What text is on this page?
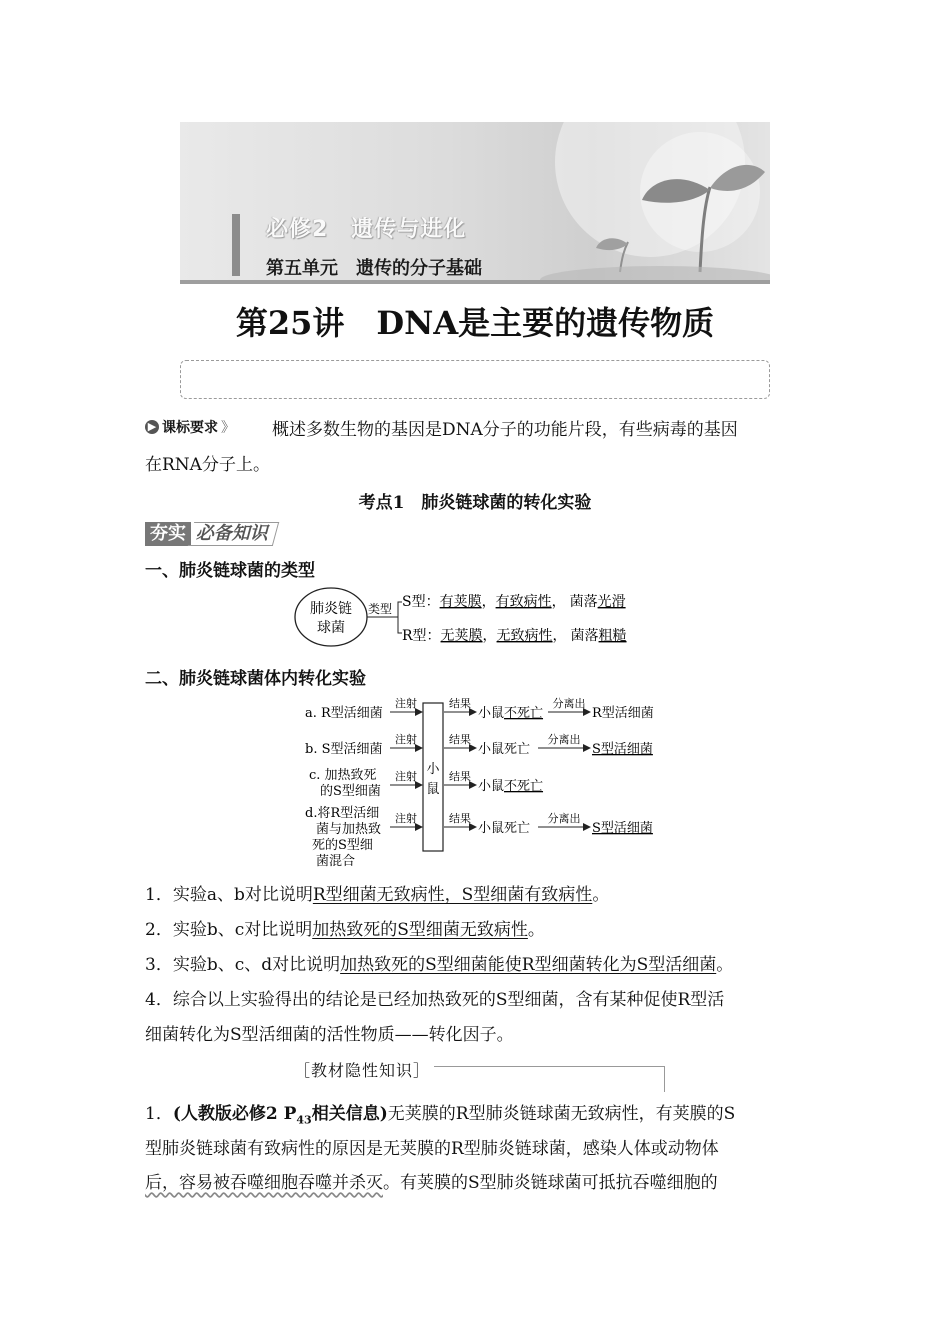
必修2　遗传与进化
第五单元　遗传的分子基础
第25讲　DNA是主要的遗传物质
▶ 课标要求 》 概述多数生物的基因是DNA分子的功能片段，有些病毒的基因
在RNA分子上。
考点1　肺炎链球菌的转化实验
夯实 必备知识
一、肺炎链球菌的类型
肺炎链
球菌
类型 S型：有荚膜，有致病性， 菌落光滑
R型：无荚膜，无致病性， 菌落粗糙
二、肺炎链球菌体内转化实验
小
鼠
a. R型活细菌
注射	结果
小鼠不死亡
分离出
R型活细菌
b. S型活细菌
注射	结果
小鼠死亡
分离出
S型活细菌
c. 加热致死
的S型细菌
注射	结果
小鼠不死亡
d.将R型活细
菌与加热致
死的S型细
菌混合
注射	结果
小鼠死亡
分离出
S型活细菌
1．实验a、b对比说明R型细菌无致病性，S型细菌有致病性。
2．实验b、c对比说明加热致死的S型细菌无致病性。
3．实验b、c、d对比说明加热致死的S型细菌能使R型细菌转化为S型活细菌。
4．综合以上实验得出的结论是已经加热致死的S型细菌，含有某种促使R型活
细菌转化为S型活细菌的活性物质——转化因子。
［教材隐性知识］
1．(人教版必修2 $P_{43}$相关信息)无荚膜的R型肺炎链球菌无致病性，有荚膜的S
型肺炎链球菌有致病性的原因是无荚膜的R型肺炎链球菌，感染人体或动物体
后，容易被吞噬细胞吞噬并杀灭。有荚膜的S型肺炎链球菌可抵抗吞噬细胞的
